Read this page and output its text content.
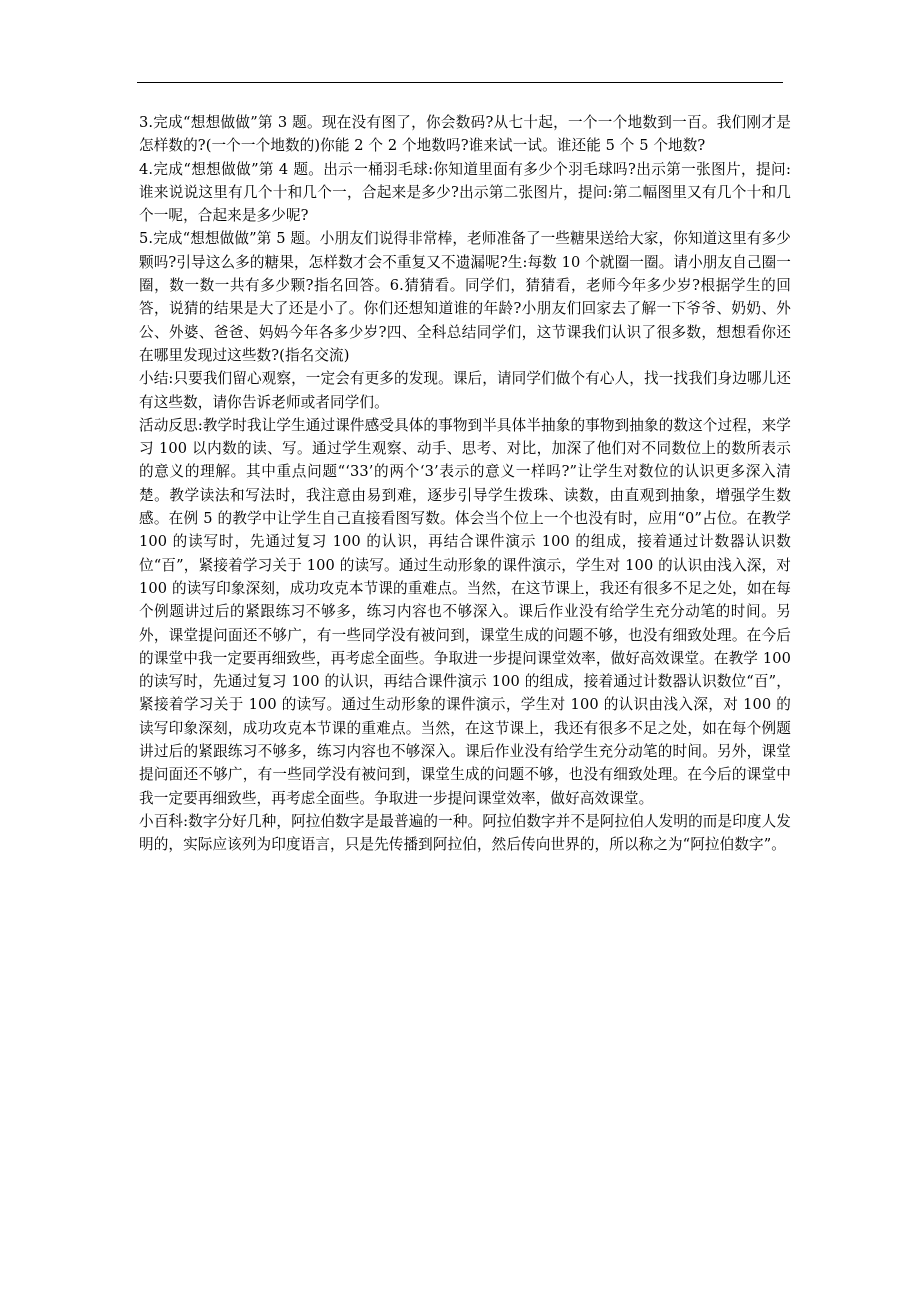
3.完成“想想做做”第 3 题。现在没有图了，你会数码?从七十起，一个一个地数到一百。我们刚才是怎样数的?(一个一个地数的)你能 2 个 2 个地数吗?谁来试一试。谁还能 5 个 5 个地数?

4.完成“想想做做”第 4 题。出示一桶羽毛球:你知道里面有多少个羽毛球吗?出示第一张图片，提问:谁来说说这里有几个十和几个一，合起来是多少?出示第二张图片，提问:第二幅图里又有几个十和几个一呢，合起来是多少呢?

5.完成“想想做做”第 5 题。小朋友们说得非常棒，老师准备了一些糖果送给大家，你知道这里有多少颗吗?引导这么多的糖果，怎样数才会不重复又不遗漏呢?生:每数 10 个就圈一圈。请小朋友自己圈一圈，数一数一共有多少颗?指名回答。6.猜猜看。同学们，猜猜看，老师今年多少岁?根据学生的回答，说猜的结果是大了还是小了。你们还想知道谁的年龄?小朋友们回家去了解一下爷爷、奶奶、外公、外婆、爸爸、妈妈今年各多少岁?四、全科总结同学们，这节课我们认识了很多数，想想看你还在哪里发现过这些数?(指名交流)

小结:只要我们留心观察，一定会有更多的发现。课后，请同学们做个有心人，找一找我们身边哪儿还有这些数，请你告诉老师或者同学们。

活动反思:教学时我让学生通过课件感受具体的事物到半具体半抽象的事物到抽象的数这个过程，来学习 100 以内数的读、写。通过学生观察、动手、思考、对比，加深了他们对不同数位上的数所表示的意义的理解。其中重点问题“‘33’的两个‘3’表示的意义一样吗?”让学生对数位的认识更多深入清楚。教学读法和写法时，我注意由易到难，逐步引导学生拨珠、读数，由直观到抽象，增强学生数感。在例 5 的教学中让学生自己直接看图写数。体会当个位上一个也没有时，应用“0”占位。在教学 100 的读写时，先通过复习 100 的认识，再结合课件演示 100 的组成，接着通过计数器认识数位“百”，紧接着学习关于 100 的读写。通过生动形象的课件演示，学生对 100 的认识由浅入深，对 100 的读写印象深刻，成功攻克本节课的重难点。当然，在这节课上，我还有很多不足之处，如在每个例题讲过后的紧跟练习不够多，练习内容也不够深入。课后作业没有给学生充分动笔的时间。另外，课堂提问面还不够广，有一些同学没有被问到，课堂生成的问题不够，也没有细致处理。在今后的课堂中我一定要再细致些，再考虑全面些。争取进一步提问课堂效率，做好高效课堂。在教学 100 的读写时，先通过复习 100 的认识，再结合课件演示 100 的组成，接着通过计数器认识数位“百”，紧接着学习关于 100 的读写。通过生动形象的课件演示，学生对 100 的认识由浅入深，对 100 的读写印象深刻，成功攻克本节课的重难点。当然，在这节课上，我还有很多不足之处，如在每个例题讲过后的紧跟练习不够多，练习内容也不够深入。课后作业没有给学生充分动笔的时间。另外，课堂提问面还不够广，有一些同学没有被问到，课堂生成的问题不够，也没有细致处理。在今后的课堂中我一定要再细致些，再考虑全面些。争取进一步提问课堂效率，做好高效课堂。

小百科:数字分好几种，阿拉伯数字是最普遍的一种。阿拉伯数字并不是阿拉伯人发明的而是印度人发明的，实际应该列为印度语言，只是先传播到阿拉伯，然后传向世界的，所以称之为“阿拉伯数字”。
